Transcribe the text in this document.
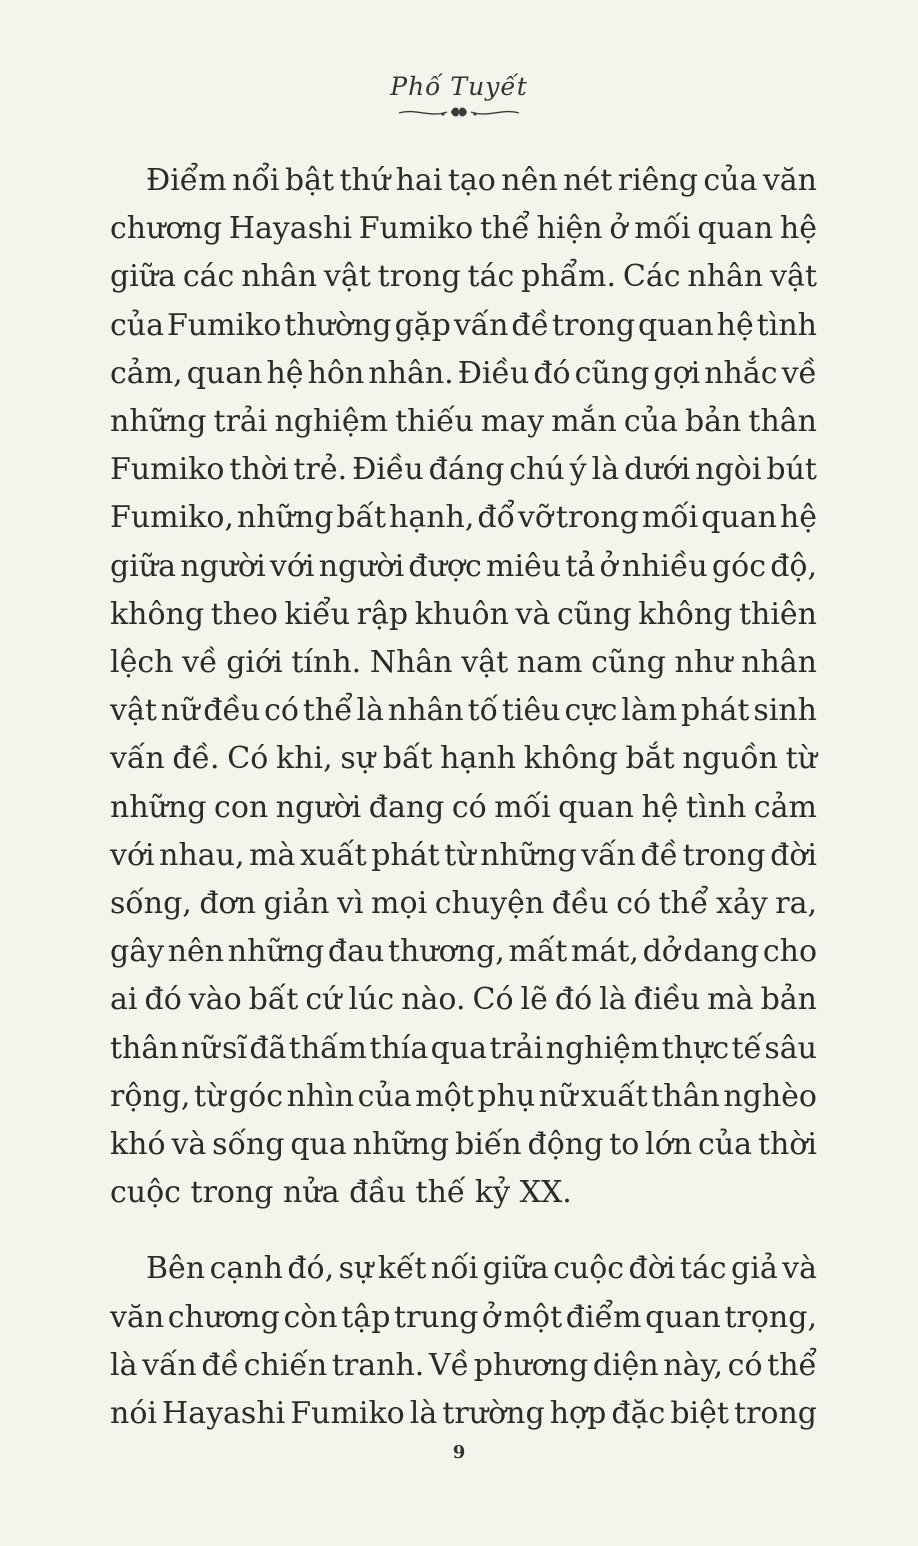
Phố Tuyết
Điểm nổi bật thứ hai tạo nên nét riêng của văn
chương Hayashi Fumiko thể hiện ở mối quan hệ
giữa các nhân vật trong tác phẩm. Các nhân vật
của Fumiko thường gặp vấn đề trong quan hệ tình
cảm, quan hệ hôn nhân. Điều đó cũng gợi nhắc về
những trải nghiệm thiếu may mắn của bản thân
Fumiko thời trẻ. Điều đáng chú ý là dưới ngòi bút
Fumiko, những bất hạnh, đổ vỡ trong mối quan hệ
giữa người với người được miêu tả ở nhiều góc độ,
không theo kiểu rập khuôn và cũng không thiên
lệch về giới tính. Nhân vật nam cũng như nhân
vật nữ đều có thể là nhân tố tiêu cực làm phát sinh
vấn đề. Có khi, sự bất hạnh không bắt nguồn từ
những con người đang có mối quan hệ tình cảm
với nhau, mà xuất phát từ những vấn đề trong đời
sống, đơn giản vì mọi chuyện đều có thể xảy ra,
gây nên những đau thương, mất mát, dở dang cho
ai đó vào bất cứ lúc nào. Có lẽ đó là điều mà bản
thân nữ sĩ đã thấm thía qua trải nghiệm thực tế sâu
rộng, từ góc nhìn của một phụ nữ xuất thân nghèo
khó và sống qua những biến động to lớn của thời
cuộc trong nửa đầu thế kỷ XX.
Bên cạnh đó, sự kết nối giữa cuộc đời tác giả và
văn chương còn tập trung ở một điểm quan trọng,
là vấn đề chiến tranh. Về phương diện này, có thể
nói Hayashi Fumiko là trường hợp đặc biệt trong
9
